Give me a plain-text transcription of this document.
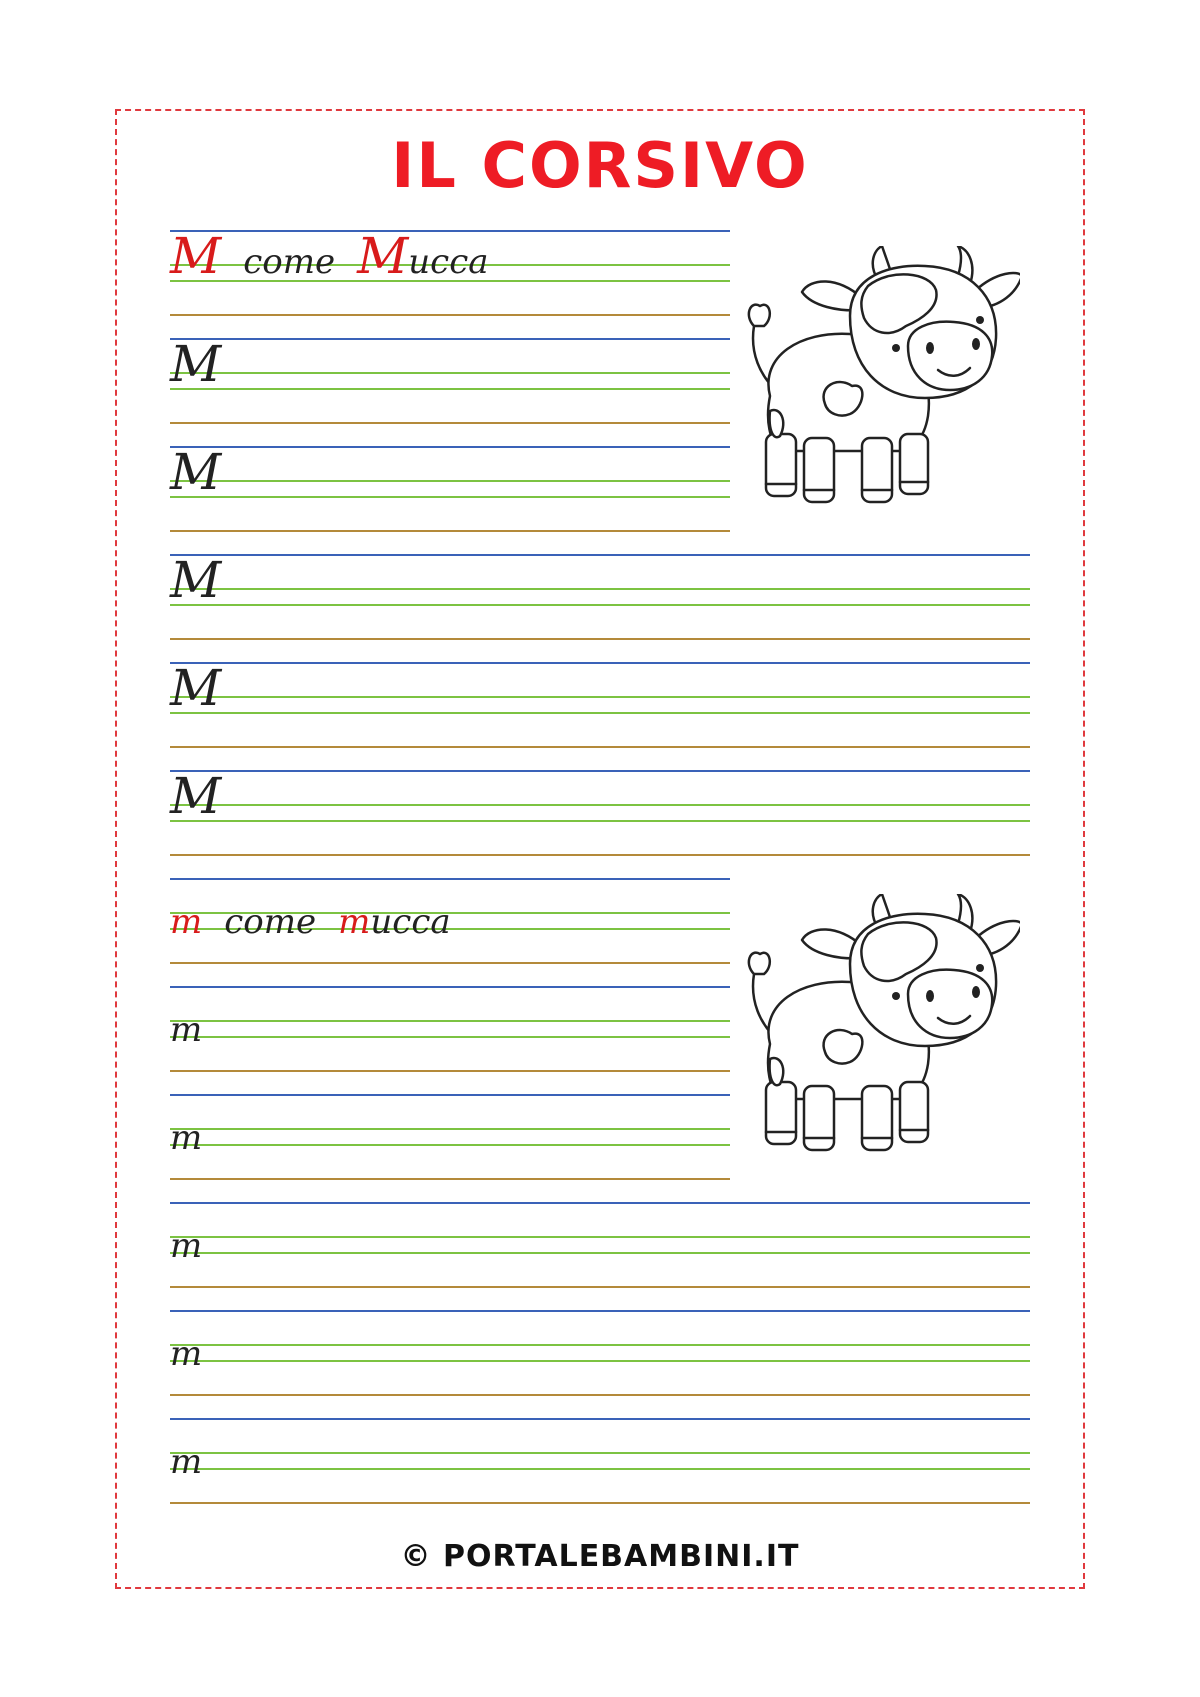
IL CORSIVO
M come Mucca
M
M
M
M
M
m come mucca
m
m
m
m
m
© PORTALEBAMBINI.IT
